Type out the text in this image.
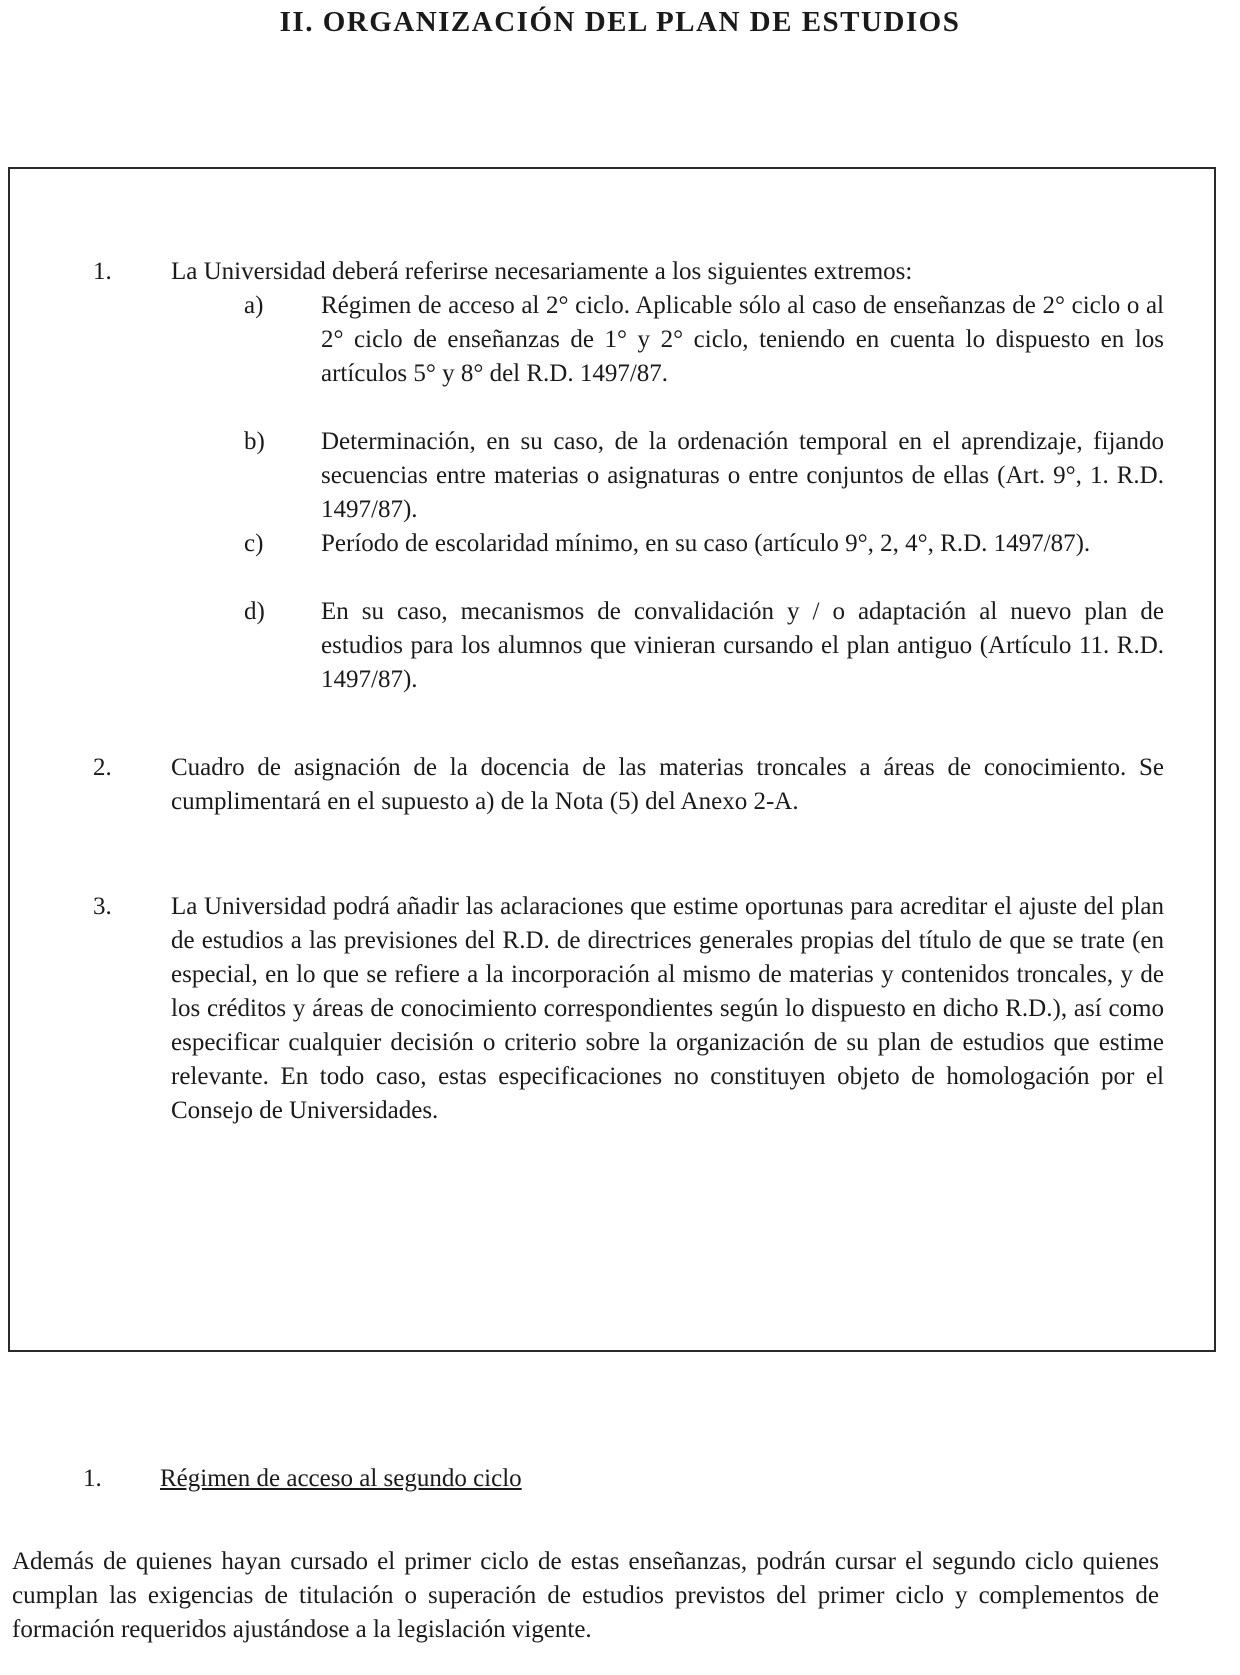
II. ORGANIZACIÓN DEL PLAN DE ESTUDIOS
1. La Universidad deberá referirse necesariamente a los siguientes extremos:
a) Régimen de acceso al 2° ciclo. Aplicable sólo al caso de enseñanzas de 2° ciclo o al 2° ciclo de enseñanzas de 1° y 2° ciclo, teniendo en cuenta lo dispuesto en los artículos 5° y 8° del R.D. 1497/87.
b) Determinación, en su caso, de la ordenación temporal en el aprendizaje, fijando secuencias entre materias o asignaturas o entre conjuntos de ellas (Art. 9°, 1. R.D. 1497/87).
c) Período de escolaridad mínimo, en su caso (artículo 9°, 2, 4°, R.D. 1497/87).
d) En su caso, mecanismos de convalidación y / o adaptación al nuevo plan de estudios para los alumnos que vinieran cursando el plan antiguo (Artículo 11. R.D. 1497/87).
2. Cuadro de asignación de la docencia de las materias troncales a áreas de conocimiento. Se cumplimentará en el supuesto a) de la Nota (5) del Anexo 2-A.
3. La Universidad podrá añadir las aclaraciones que estime oportunas para acreditar el ajuste del plan de estudios a las previsiones del R.D. de directrices generales propias del título de que se trate (en especial, en lo que se refiere a la incorporación al mismo de materias y contenidos troncales, y de los créditos y áreas de conocimiento correspondientes según lo dispuesto en dicho R.D.), así como especificar cualquier decisión o criterio sobre la organización de su plan de estudios que estime relevante. En todo caso, estas especificaciones no constituyen objeto de homologación por el Consejo de Universidades.
1. Régimen de acceso al segundo ciclo
Además de quienes hayan cursado el primer ciclo de estas enseñanzas, podrán cursar el segundo ciclo quienes cumplan las exigencias de titulación o superación de estudios previstos del primer ciclo y complementos de formación requeridos ajustándose a la legislación vigente.
